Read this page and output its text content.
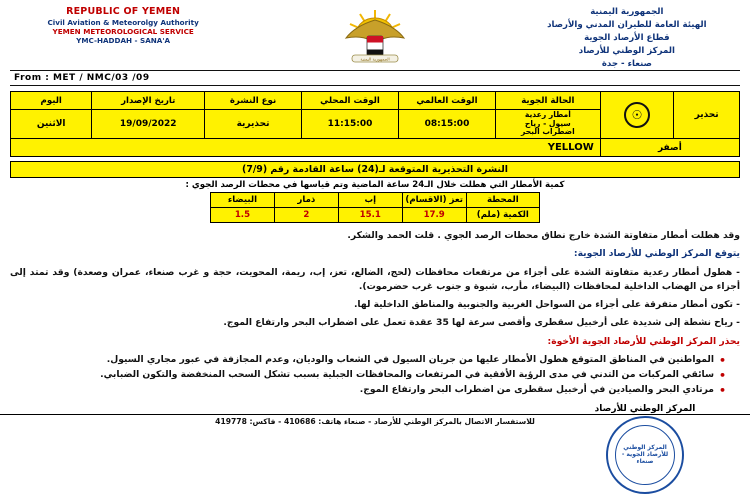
الجمهورية اليمنية
الهيئة العامة للطيران المدني والأرصاد
قطاع الأرصاد الجوية
المركز الوطني للأرصاد
صنعاء - جدة
الجمهورية اليمنية
REPUBLIC OF YEMEN
Civil Aviation & Meteorolgy Authority
YEMEN METEOROLOGICAL SERVICE
YMC-HADDAH - SANA'A
From : MET / NMC/03 /09
تحذير	☉	الحالة الجوية	الوقت العالمي	الوقت المحلي	نوع النشرة	تاريخ الإصدار	اليوم
		أمطار رعدية
سيول - رياح
اضطراب البحر	08:15:00	11:15:00	تحذيرية	19/09/2022	الاثنين
أصفر		YELLOW					
النشرة التحذيرية المتوقعة لـ(24) ساعة القادمة رقم (7/9)
كمية الأمطار التي هطلت خلال الـ24 ساعة الماضية وتم قياسها في محطات الرصد الجوي :
المحطة	تعز (الاقسام)	إب	ذمار	البيضاء
الكمية (ملم)	17.9	15.1	2	1.5

وقد هطلت أمطار متفاوتة الشدة خارج نطاق محطات الرصد الجوي . قلت الحمد والشكر.

يتوقع المركز الوطني للأرصاد الجوية:

- هطول أمطار رعدية متفاوتة الشدة على أجزاء من مرتفعات محافظات (لحج، الضالع، تعز، إب، ريمة، المحويت، حجة و غرب صنعاء، عمران وصعدة) وقد تمتد إلى أجزاء من الهضاب الداخلية لمحافظات (البيضاء، مأرب، شبوة و جنوب غرب حضرموت).

- تكون أمطار متفرقة على أجزاء من السواحل الغربية والجنوبية والمناطق الداخلية لها.

- رياح نشطة إلى شديدة على أرخبيل سقطرى وأقصى سرعة لها 35 عقدة تعمل على اضطراب البحر وارتفاع الموج.

يحذر المركز الوطني للأرصاد الجوية الأخوة:

• المواطنين في المناطق المتوقع هطول الأمطار عليها من جريان السيول في الشعاب والوديان، وعدم المجازفة في عبور مجاري السيول.
• سائقي المركبات من التدني في مدى الرؤية الأفقية في المرتفعات والمحافظات الجبلية بسبب تشكل السحب المنخفضة والتكون الضبابي.
• مرتادي البحر والصيادين في أرخبيل سقطرى من اضطراب البحر وارتفاع الموج.
المركز الوطني للأرصاد
المركز الوطني للأرصاد الجوية - صنعاء
للاستفسار الاتصال بالمركز الوطني للأرصاد - صنعاء هاتف: 410686 - فاكس: 419778
